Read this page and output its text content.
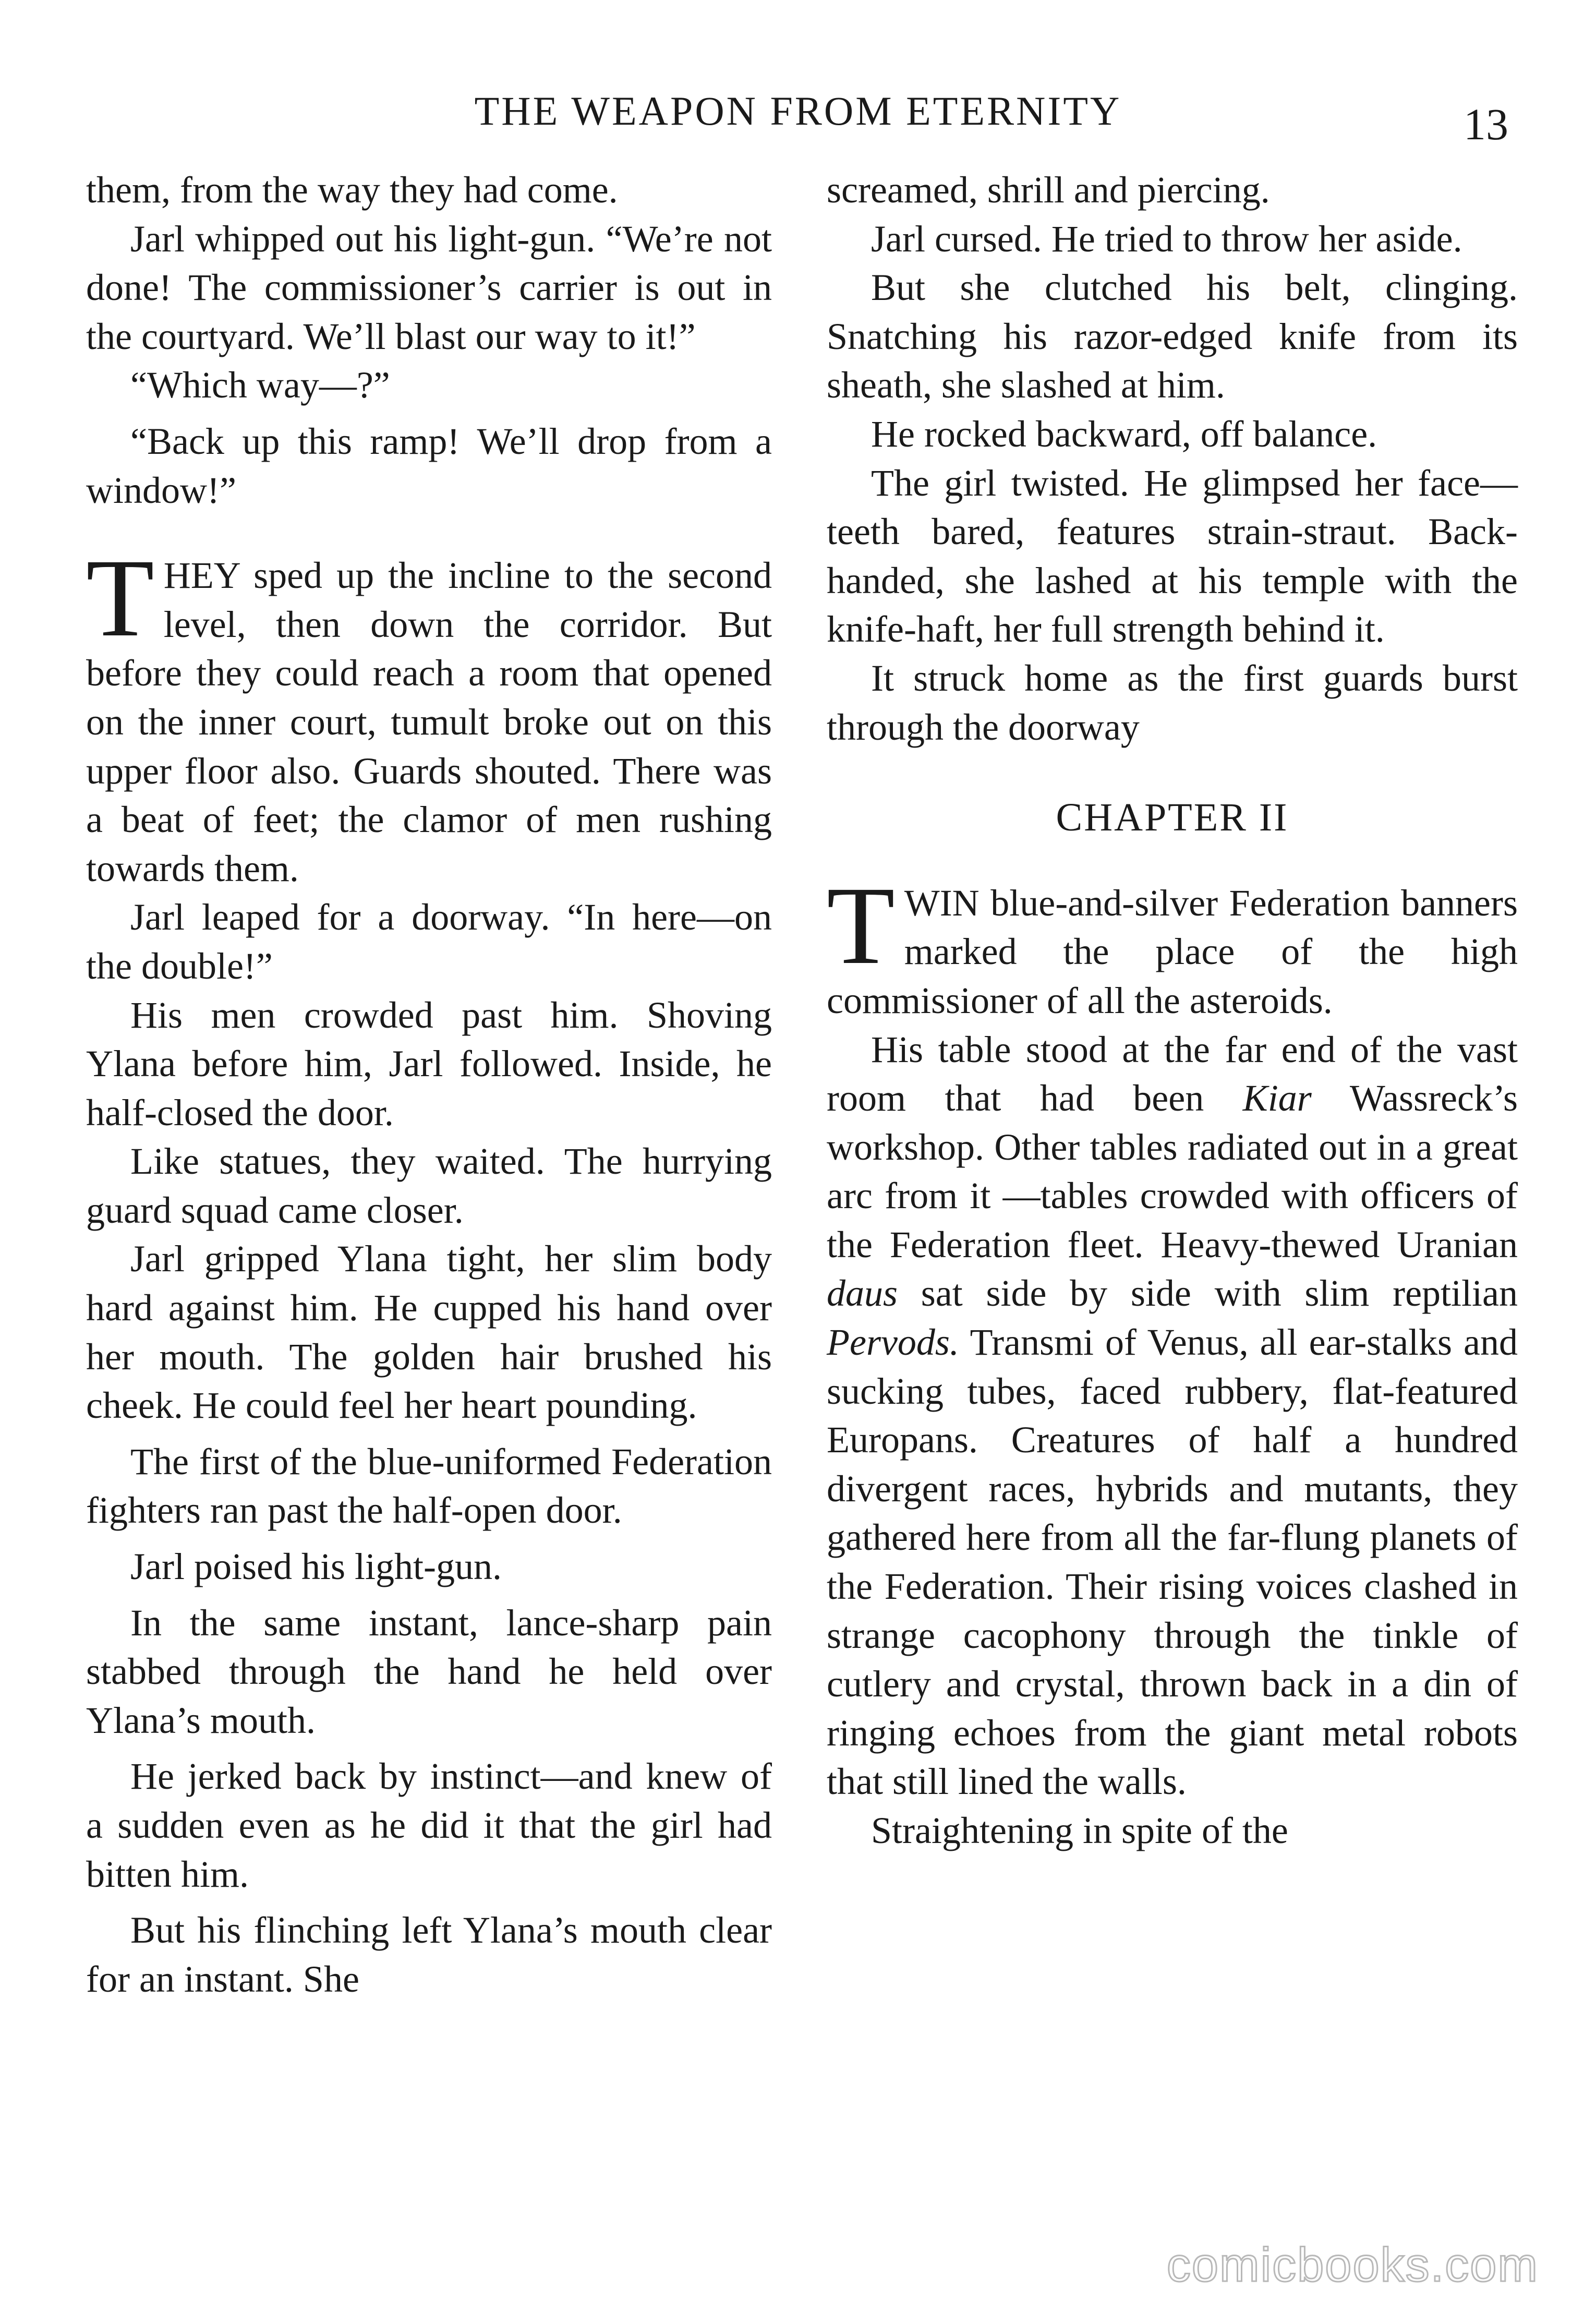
THE WEAPON FROM ETERNITY	13

them, from the way they had come.

Jarl whipped out his light-gun. “We’re not done! The commissioner’s carrier is out in the courtyard. We’ll blast our way to it!”

“Which way—?”

“Back up this ramp! We’ll drop from a window!”

THEY sped up the incline to the second level, then down the corridor. But before they could reach a room that opened on the inner court, tumult broke out on this upper floor also. Guards shouted. There was a beat of feet; the clamor of men rushing towards them.

Jarl leaped for a doorway. “In here—on the double!”

His men crowded past him. Shoving Ylana before him, Jarl followed. Inside, he half-closed the door.

Like statues, they waited. The hurrying guard squad came closer.

Jarl gripped Ylana tight, her slim body hard against him. He cupped his hand over her mouth. The golden hair brushed his cheek. He could feel her heart pounding.

The first of the blue-uniformed Federation fighters ran past the half-open door.

Jarl poised his light-gun.

In the same instant, lance-sharp pain stabbed through the hand he held over Ylana’s mouth.

He jerked back by instinct—and knew of a sudden even as he did it that the girl had bitten him.

But his flinching left Ylana’s mouth clear for an instant. She

screamed, shrill and piercing.

Jarl cursed. He tried to throw her aside.

But she clutched his belt, clinging. Snatching his razor-edged knife from its sheath, she slashed at him.

He rocked backward, off balance.

The girl twisted. He glimpsed her face—teeth bared, features strain-straut. Back-handed, she lashed at his temple with the knife-haft, her full strength behind it.

It struck home as the first guards burst through the doorway

CHAPTER II

TWIN blue-and-silver Federation banners marked the place of the high commissioner of all the asteroids.

His table stood at the far end of the vast room that had been Kiar Wassreck’s workshop. Other tables radiated out in a great arc from it —tables crowded with officers of the Federation fleet. Heavy-thewed Uranian daus sat side by side with slim reptilian Pervods. Transmi of Venus, all ear-stalks and sucking tubes, faced rubbery, flat-featured Europans. Creatures of half a hundred divergent races, hybrids and mutants, they gathered here from all the far-flung planets of the Federation. Their rising voices clashed in strange cacophony through the tinkle of cutlery and crystal, thrown back in a din of ringing echoes from the giant metal robots that still lined the walls.

Straightening in spite of the

comicbooks.com
